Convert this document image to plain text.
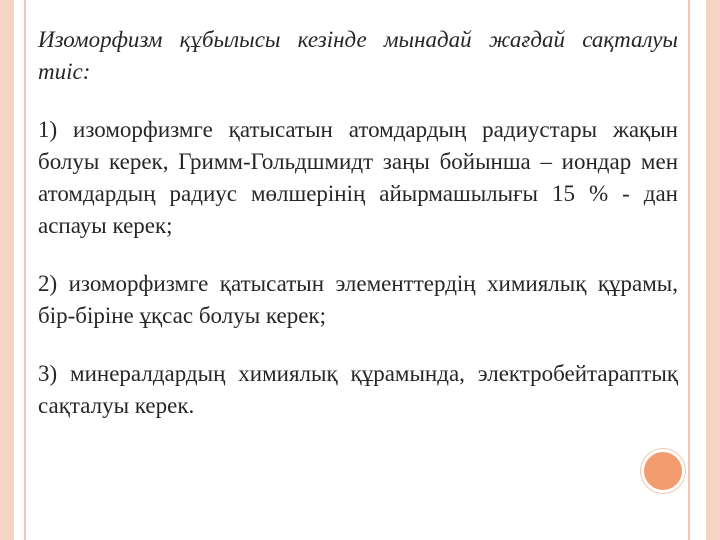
Изоморфизм құбылысы кезінде мынадай жағдай сақталуы тиіс:

1) изоморфизмге қатысатын атомдардың радиустары жақын болуы керек, Гримм-Гольдшмидт заңы бойынша – иондар мен атомдардың радиус мөлшерінің айырмашылығы 15 % - дан аспауы керек;

2) изоморфизмге қатысатын элементтердің химиялық құрамы, бір-біріне ұқсас болуы керек;

3) минералдардың химиялық құрамында, электробейтараптық сақталуы керек.
